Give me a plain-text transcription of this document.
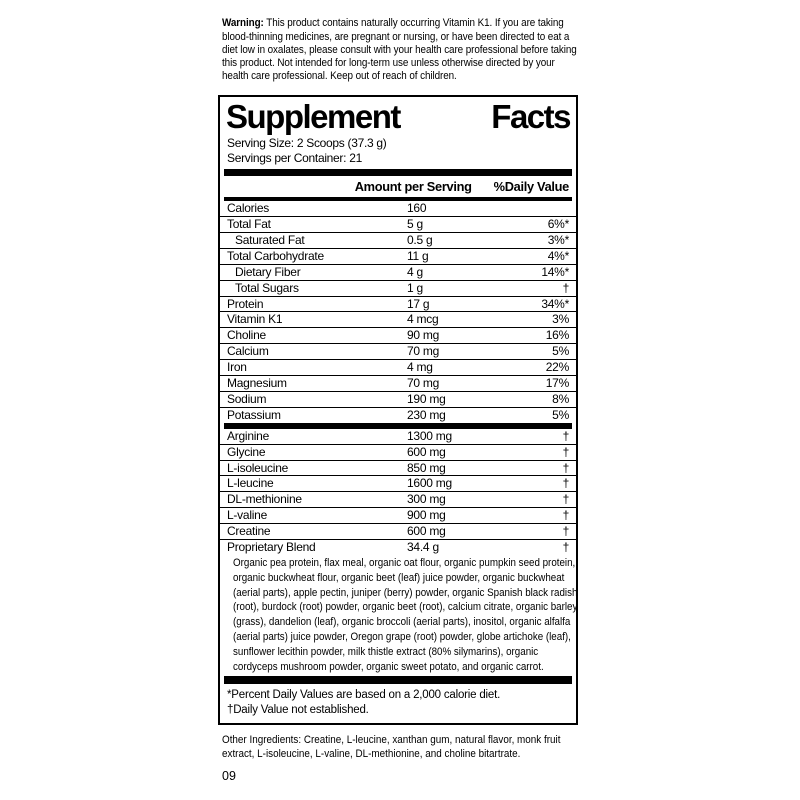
Warning: This product contains naturally occurring Vitamin K1. If you are taking blood-thinning medicines, are pregnant or nursing, or have been directed to eat a diet low in oxalates, please consult with your health care professional before taking this product. Not intended for long-term use unless otherwise directed by your health care professional. Keep out of reach of children.

Supplement	Facts
Serving Size: 2 Scoops (37.3 g)
Servings per Container: 21
Amount per Serving %Daily Value
Calories	160
Total Fat	5 g	6%*
Saturated Fat	0.5 g	3%*
Total Carbohydrate	11 g	4%*
Dietary Fiber	4 g	14%*
Total Sugars	1 g	†
Protein	17 g	34%*
Vitamin K1	4 mcg	3%
Choline	90 mg	16%
Calcium	70 mg	5%
Iron	4 mg	22%
Magnesium	70 mg	17%
Sodium	190 mg	8%
Potassium	230 mg	5%
Arginine	1300 mg	†
Glycine	600 mg	†
L-isoleucine	850 mg	†
L-leucine	1600 mg	†
DL-methionine	300 mg	†
L-valine	900 mg	†
Creatine	600 mg	†
Proprietary Blend	34.4 g	†

Organic pea protein, flax meal, organic oat flour, organic pumpkin seed protein, organic buckwheat flour, organic beet (leaf) juice powder, organic buckwheat (aerial parts), apple pectin, juniper (berry) powder, organic Spanish black radish (root), burdock (root) powder, organic beet (root), calcium citrate, organic barley (grass), dandelion (leaf), organic broccoli (aerial parts), inositol, organic alfalfa (aerial parts) juice powder, Oregon grape (root) powder, globe artichoke (leaf), sunflower lecithin powder, milk thistle extract (80% silymarins), organic cordyceps mushroom powder, organic sweet potato, and organic carrot.

*Percent Daily Values are based on a 2,000 calorie diet.
†Daily Value not established.

Other Ingredients: Creatine, L-leucine, xanthan gum, natural flavor, monk fruit extract, L-isoleucine, L-valine, DL-methionine, and choline bitartrate.

09
